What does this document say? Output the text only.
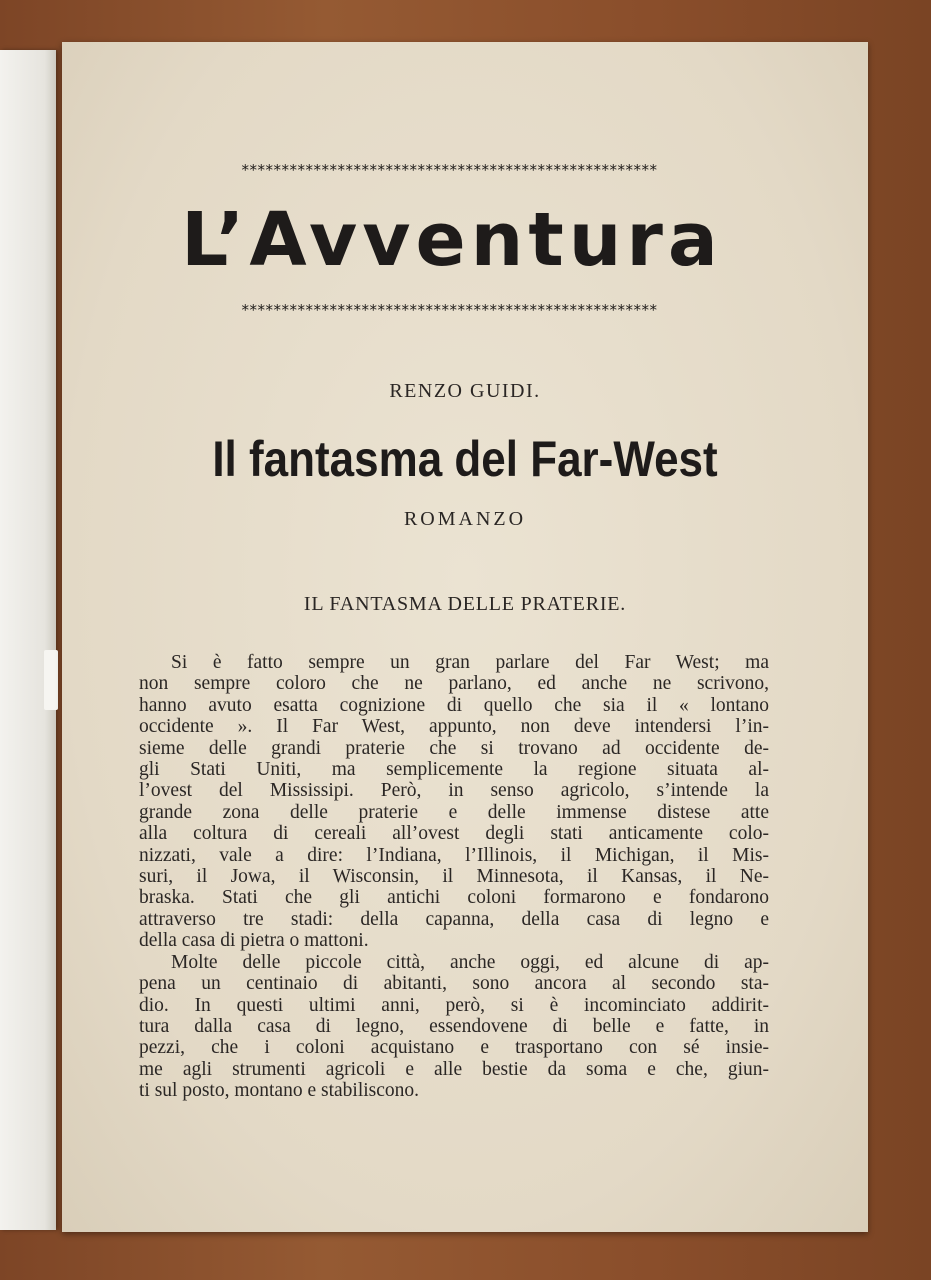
****************************************************
L’Avventura
****************************************************
RENZO GUIDI.
Il fantasma del Far-West
ROMANZO
IL FANTASMA DELLE PRATERIE.
Si è fatto sempre un gran parlare del Far West; ma
non sempre coloro che ne parlano, ed anche ne scrivono,
hanno avuto esatta cognizione di quello che sia il « lontano
occidente ». Il Far West, appunto, non deve intendersi l’in-
sieme delle grandi praterie che si trovano ad occidente de-
gli Stati Uniti, ma semplicemente la regione situata al-
l’ovest del Mississipi. Però, in senso agricolo, s’intende la
grande zona delle praterie e delle immense distese atte
alla coltura di cereali all’ovest degli stati anticamente colo-
nizzati, vale a dire: l’Indiana, l’Illinois, il Michigan, il Mis-
suri, il Jowa, il Wisconsin, il Minnesota, il Kansas, il Ne-
braska. Stati che gli antichi coloni formarono e fondarono
attraverso tre stadi: della capanna, della casa di legno e
della casa di pietra o mattoni.
Molte delle piccole città, anche oggi, ed alcune di ap-
pena un centinaio di abitanti, sono ancora al secondo sta-
dio. In questi ultimi anni, però, si è incominciato addirit-
tura dalla casa di legno, essendovene di belle e fatte, in
pezzi, che i coloni acquistano e trasportano con sé insie-
me agli strumenti agricoli e alle bestie da soma e che, giun-
ti sul posto, montano e stabiliscono.
